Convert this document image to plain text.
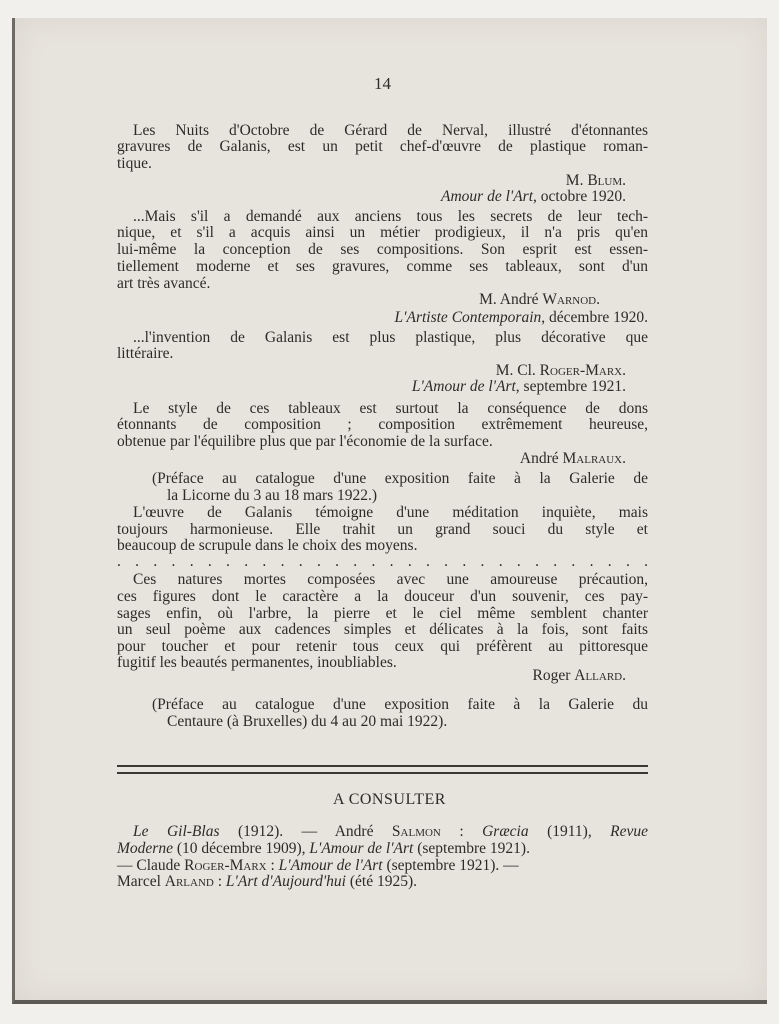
14
Les Nuits d'Octobre de Gérard de Nerval, illustré d'étonnantes
gravures de Galanis, est un petit chef-d'œuvre de plastique roman-
tique.
M. Blum.
Amour de l'Art, octobre 1920.
...Mais s'il a demandé aux anciens tous les secrets de leur tech-
nique, et s'il a acquis ainsi un métier prodigieux, il n'a pris qu'en
lui-même la conception de ses compositions. Son esprit est essen-
tiellement moderne et ses gravures, comme ses tableaux, sont d'un
art très avancé.
M. André Warnod.
L'Artiste Contemporain, décembre 1920.
...l'invention de Galanis est plus plastique, plus décorative que
littéraire.
M. Cl. Roger-Marx.
L'Amour de l'Art, septembre 1921.
Le style de ces tableaux est surtout la conséquence de dons
étonnants de composition ; composition extrêmement heureuse,
obtenue par l'équilibre plus que par l'économie de la surface.
André Malraux.
(Préface au catalogue d'une exposition faite à la Galerie de
la Licorne du 3 au 18 mars 1922.)
L'œuvre de Galanis témoigne d'une méditation inquiète, mais
toujours harmonieuse. Elle trahit un grand souci du style et
beaucoup de scrupule dans le choix des moyens.
. . . . . . . . . . . . . . . . . . . . . . . . . . . . . .
Ces natures mortes composées avec une amoureuse précaution,
ces figures dont le caractère a la douceur d'un souvenir, ces pay-
sages enfin, où l'arbre, la pierre et le ciel même semblent chanter
un seul poème aux cadences simples et délicates à la fois, sont faits
pour toucher et pour retenir tous ceux qui préfèrent au pittoresque
fugitif les beautés permanentes, inoubliables.
Roger Allard.
(Préface au catalogue d'une exposition faite à la Galerie du
Centaure (à Bruxelles) du 4 au 20 mai 1922).
A CONSULTER
Le Gil-Blas (1912). — André Salmon : Græcia (1911), Revue
Moderne (10 décembre 1909), L'Amour de l'Art (septembre 1921).
— Claude Roger-Marx : L'Amour de l'Art (septembre 1921). —
Marcel Arland : L'Art d'Aujourd'hui (été 1925).
